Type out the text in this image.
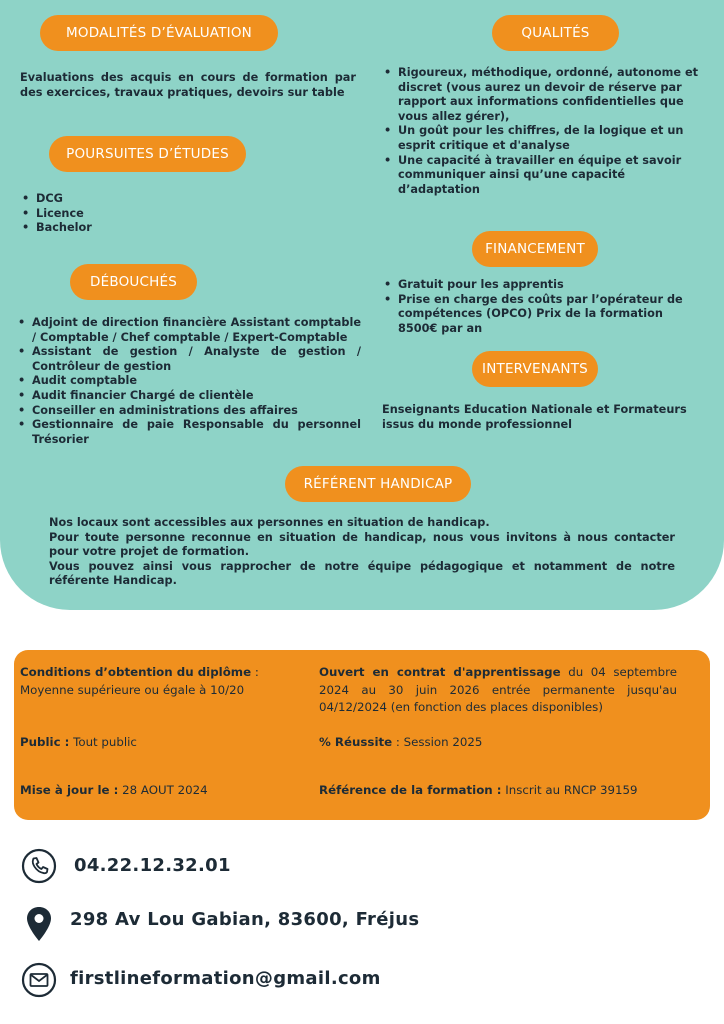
MODALITÉS D’ÉVALUATION
Evaluations des acquis en cours de formation par des exercices, travaux pratiques, devoirs sur table
POURSUITES D’ÉTUDES
• DCG
• Licence
• Bachelor
DÉBOUCHÉS
• Adjoint de direction financière Assistant comptable / Comptable / Chef comptable / Expert-Comptable
• Assistant de gestion / Analyste de gestion / Contrôleur de gestion
• Audit comptable
• Audit financier Chargé de clientèle
• Conseiller en administrations des affaires
• Gestionnaire de paie Responsable du personnel Trésorier
QUALITÉS
• Rigoureux, méthodique, ordonné, autonome et discret (vous aurez un devoir de réserve par rapport aux informations confidentielles que vous allez gérer),
• Un goût pour les chiffres, de la logique et un esprit critique et d'analyse
• Une capacité à travailler en équipe et savoir communiquer ainsi qu’une capacité d’adaptation
FINANCEMENT
• Gratuit pour les apprentis
• Prise en charge des coûts par l’opérateur de compétences (OPCO) Prix de la formation 8500€ par an
INTERVENANTS
Enseignants Education Nationale et Formateurs issus du monde professionnel
RÉFÉRENT HANDICAP
Nos locaux sont accessibles aux personnes en situation de handicap.
Pour toute personne reconnue en situation de handicap, nous vous invitons à nous contacter pour votre projet de formation.
Vous pouvez ainsi vous rapprocher de notre équipe pédagogique et notamment de notre référente Handicap.
Conditions d’obtention du diplôme :
Moyenne supérieure ou égale à 10/20
Ouvert en contrat d'apprentissage du 04 septembre 2024 au 30 juin 2026 entrée permanente jusqu'au 04/12/2024 (en fonction des places disponibles)
Public : Tout public	% Réussite : Session 2025
Mise à jour le : 28 AOUT 2024	Référence de la formation : Inscrit au RNCP 39159
04.22.12.32.01
298 Av Lou Gabian, 83600, Fréjus
firstlineformation@gmail.com
